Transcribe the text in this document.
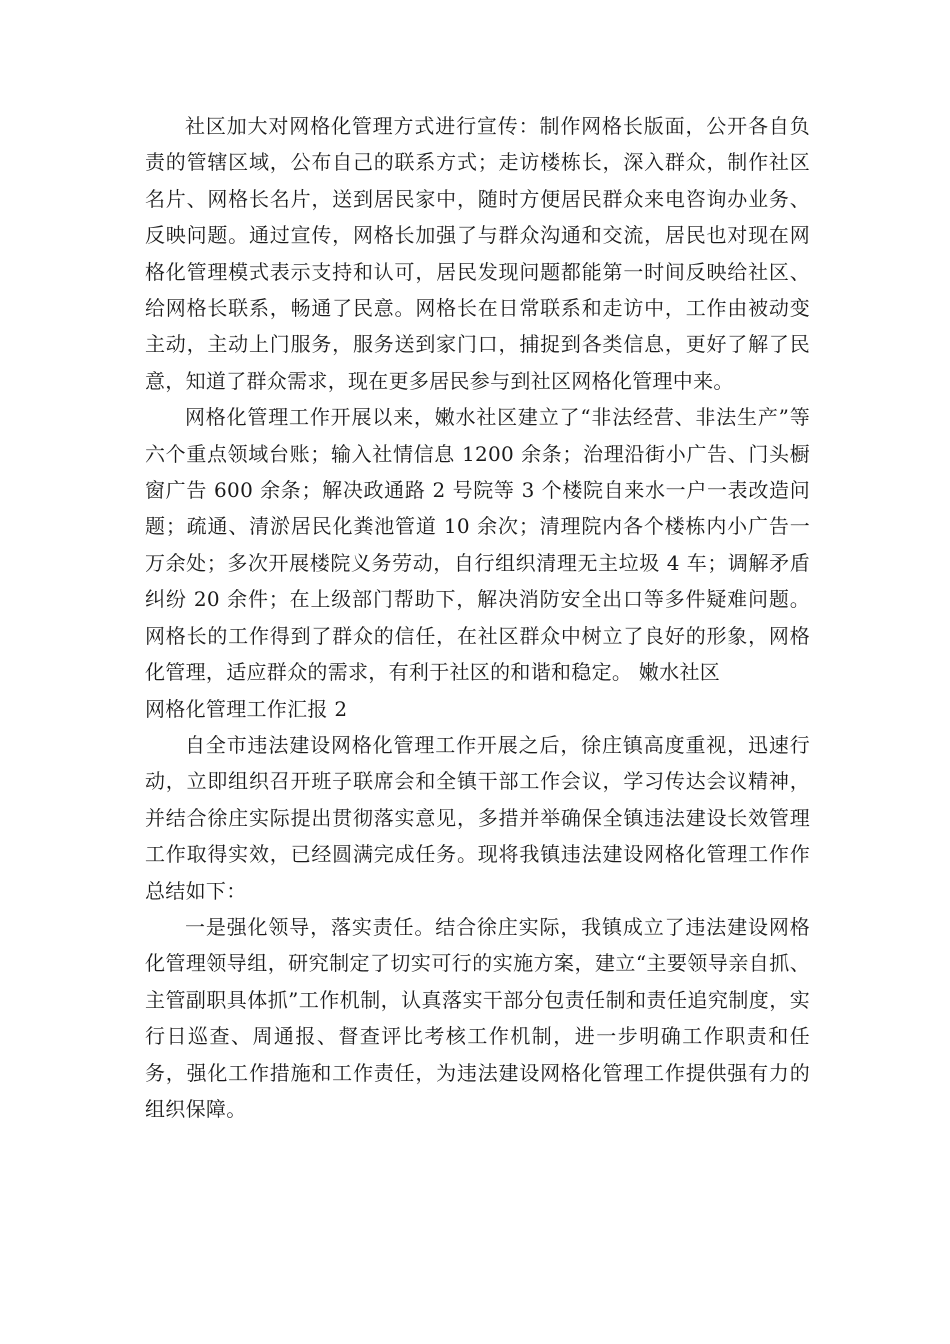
社区加大对网格化管理方式进行宣传：制作网格长版面，公开各自负责的管辖区域，公布自己的联系方式；走访楼栋长，深入群众，制作社区名片、网格长名片，送到居民家中，随时方便居民群众来电咨询办业务、反映问题。通过宣传，网格长加强了与群众沟通和交流，居民也对现在网格化管理模式表示支持和认可，居民发现问题都能第一时间反映给社区、给网格长联系，畅通了民意。网格长在日常联系和走访中，工作由被动变主动，主动上门服务，服务送到家门口，捕捉到各类信息，更好了解了民意，知道了群众需求，现在更多居民参与到社区网格化管理中来。

网格化管理工作开展以来，嫩水社区建立了“非法经营、非法生产”等六个重点领域台账；输入社情信息 1200 余条；治理沿街小广告、门头橱窗广告 600 余条；解决政通路 2 号院等 3 个楼院自来水一户一表改造问题；疏通、清淤居民化粪池管道 10 余次；清理院内各个楼栋内小广告一万余处；多次开展楼院义务劳动，自行组织清理无主垃圾 4 车；调解矛盾纠纷 20 余件；在上级部门帮助下，解决消防安全出口等多件疑难问题。网格长的工作得到了群众的信任，在社区群众中树立了良好的形象，网格化管理，适应群众的需求，有利于社区的和谐和稳定。 嫩水社区

网格化管理工作汇报 2

自全市违法建设网格化管理工作开展之后，徐庄镇高度重视，迅速行动，立即组织召开班子联席会和全镇干部工作会议，学习传达会议精神，并结合徐庄实际提出贯彻落实意见，多措并举确保全镇违法建设长效管理工作取得实效，已经圆满完成任务。现将我镇违法建设网格化管理工作作总结如下：

一是强化领导，落实责任。结合徐庄实际，我镇成立了违法建设网格化管理领导组，研究制定了切实可行的实施方案，建立“主要领导亲自抓、主管副职具体抓”工作机制，认真落实干部分包责任制和责任追究制度，实行日巡查、周通报、督查评比考核工作机制，进一步明确工作职责和任务，强化工作措施和工作责任，为违法建设网格化管理工作提供强有力的组织保障。
